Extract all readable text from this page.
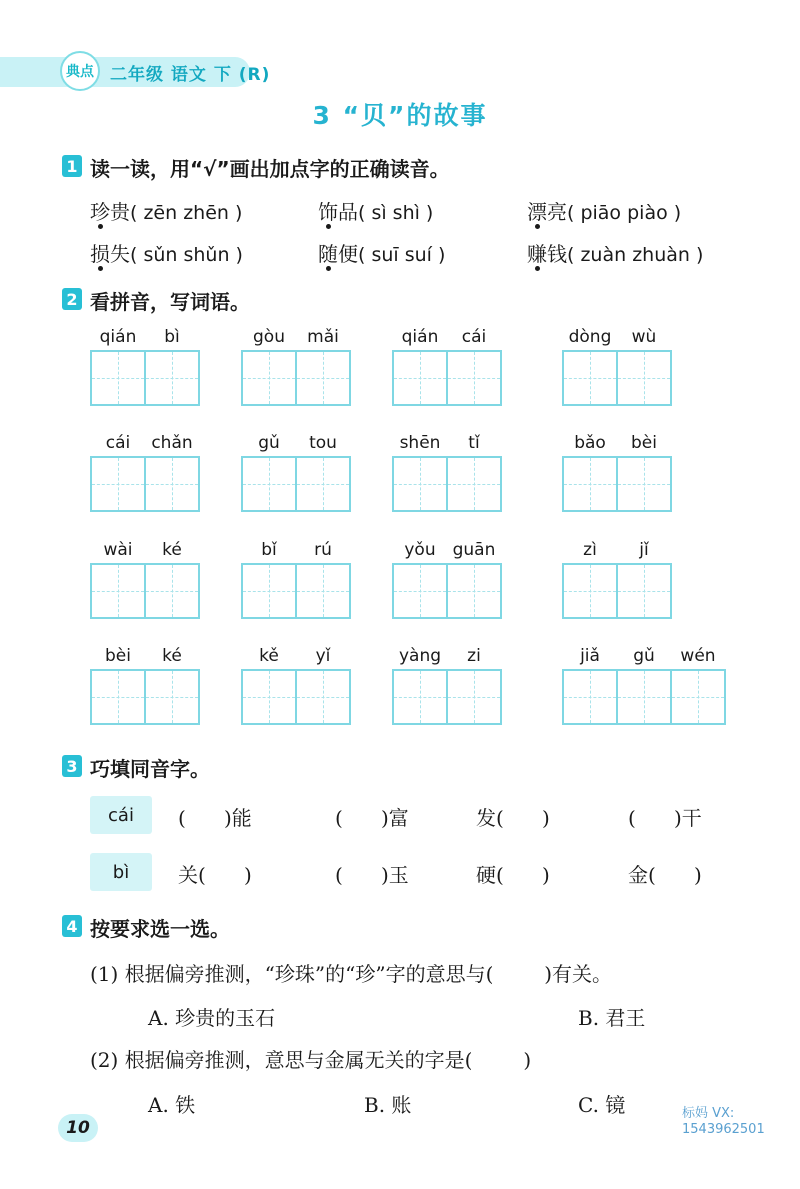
典点 二年级 语文 下 (R)
3 “贝”的故事
1 读一读，用“√”画出加点字的正确读音。
珍贵( zēn zhēn )	饰品( sì shì )	漂亮( piāo piào )
损失( sǔn shǔn )	随便( suī suí )	赚钱( zuàn zhuàn )
2 看拼音，写词语。
qián	bì	gòu	mǎi	qián	cái	dòng	wù
cái	chǎn	gǔ	tou	shēn	tǐ	bǎo	bèi
wài	ké	bǐ	rú	yǒu guān	zì	jǐ
bèi	ké	kě	yǐ	yàng	zi	jiǎ	gǔ	wén
3 巧填同音字。
cái	(      )能	(      )富	发(      )	(      )干
bì	关(      )	(      )玉	硬(      )	金(      )
4 按要求选一选。
(1) 根据偏旁推测，“珍珠”的“珍”字的意思与(        )有关。
A. 珍贵的玉石	B. 君王
(2) 根据偏旁推测，意思与金属无关的字是(        )
A. 铁	B. 账	C. 镜
10
标妈 VX:
1543962501
